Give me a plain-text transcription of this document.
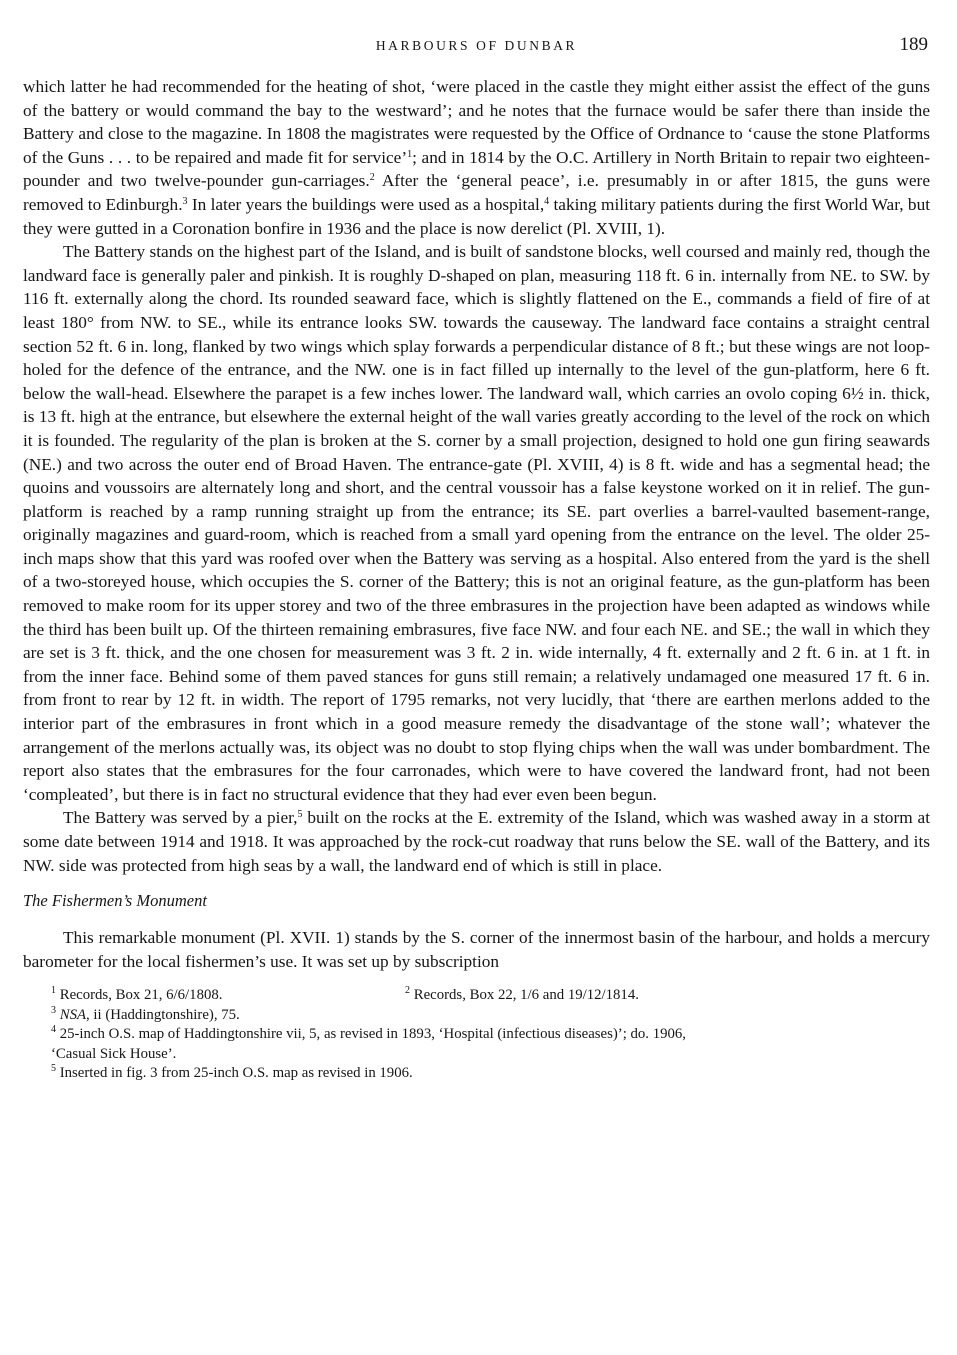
HARBOURS OF DUNBAR	189

which latter he had recommended for the heating of shot, ‘were placed in the castle they might either assist the effect of the guns of the battery or would command the bay to the westward’; and he notes that the furnace would be safer there than inside the Battery and close to the magazine. In 1808 the magistrates were requested by the Office of Ordnance to ‘cause the stone Platforms of the Guns . . . to be repaired and made fit for service’$^1$; and in 1814 by the O.C. Artillery in North Britain to repair two eighteen-pounder and two twelve-pounder gun-carriages.$^2$ After the ‘general peace’, i.e. presumably in or after 1815, the guns were removed to Edinburgh.$^3$ In later years the buildings were used as a hospital,$^4$ taking military patients during the first World War, but they were gutted in a Coronation bonfire in 1936 and the place is now derelict (Pl. XVIII, 1).

The Battery stands on the highest part of the Island, and is built of sandstone blocks, well coursed and mainly red, though the landward face is generally paler and pinkish. It is roughly D-shaped on plan, measuring 118 ft. 6 in. internally from NE. to SW. by 116 ft. externally along the chord. Its rounded seaward face, which is slightly flattened on the E., commands a field of fire of at least 180° from NW. to SE., while its entrance looks SW. towards the causeway. The landward face contains a straight central section 52 ft. 6 in. long, flanked by two wings which splay forwards a perpendicular distance of 8 ft.; but these wings are not loop-holed for the defence of the entrance, and the NW. one is in fact filled up internally to the level of the gun-platform, here 6 ft. below the wall-head. Elsewhere the parapet is a few inches lower. The landward wall, which carries an ovolo coping 6½ in. thick, is 13 ft. high at the entrance, but elsewhere the external height of the wall varies greatly according to the level of the rock on which it is founded. The regularity of the plan is broken at the S. corner by a small projection, designed to hold one gun firing seawards (NE.) and two across the outer end of Broad Haven. The entrance-gate (Pl. XVIII, 4) is 8 ft. wide and has a segmental head; the quoins and voussoirs are alternately long and short, and the central voussoir has a false keystone worked on it in relief. The gun-platform is reached by a ramp running straight up from the entrance; its SE. part overlies a barrel-vaulted basement-range, originally magazines and guard-room, which is reached from a small yard opening from the entrance on the level. The older 25-inch maps show that this yard was roofed over when the Battery was serving as a hospital. Also entered from the yard is the shell of a two-storeyed house, which occupies the S. corner of the Battery; this is not an original feature, as the gun-platform has been removed to make room for its upper storey and two of the three embrasures in the projection have been adapted as windows while the third has been built up. Of the thirteen remaining embrasures, five face NW. and four each NE. and SE.; the wall in which they are set is 3 ft. thick, and the one chosen for measurement was 3 ft. 2 in. wide internally, 4 ft. externally and 2 ft. 6 in. at 1 ft. in from the inner face. Behind some of them paved stances for guns still remain; a relatively undamaged one measured 17 ft. 6 in. from front to rear by 12 ft. in width. The report of 1795 remarks, not very lucidly, that ‘there are earthen merlons added to the interior part of the embrasures in front which in a good measure remedy the disadvantage of the stone wall’; whatever the arrangement of the merlons actually was, its object was no doubt to stop flying chips when the wall was under bombardment. The report also states that the embrasures for the four carronades, which were to have covered the landward front, had not been ‘compleated’, but there is in fact no structural evidence that they had ever even been begun.

The Battery was served by a pier,$^5$ built on the rocks at the E. extremity of the Island, which was washed away in a storm at some date between 1914 and 1918. It was approached by the rock-cut roadway that runs below the SE. wall of the Battery, and its NW. side was protected from high seas by a wall, the landward end of which is still in place.

The Fishermen’s Monument

This remarkable monument (Pl. XVII. 1) stands by the S. corner of the innermost basin of the harbour, and holds a mercury barometer for the local fishermen’s use. It was set up by subscription

$^1$ Records, Box 21, 6/6/1808.	$^2$ Records, Box 22, 1/6 and 19/12/1814.
$^3$ NSA, ii (Haddingtonshire), 75.
$^4$ 25-inch O.S. map of Haddingtonshire vii, 5, as revised in 1893, ‘Hospital (infectious diseases)’; do. 1906,
‘Casual Sick House’.
$^5$ Inserted in fig. 3 from 25-inch O.S. map as revised in 1906.
